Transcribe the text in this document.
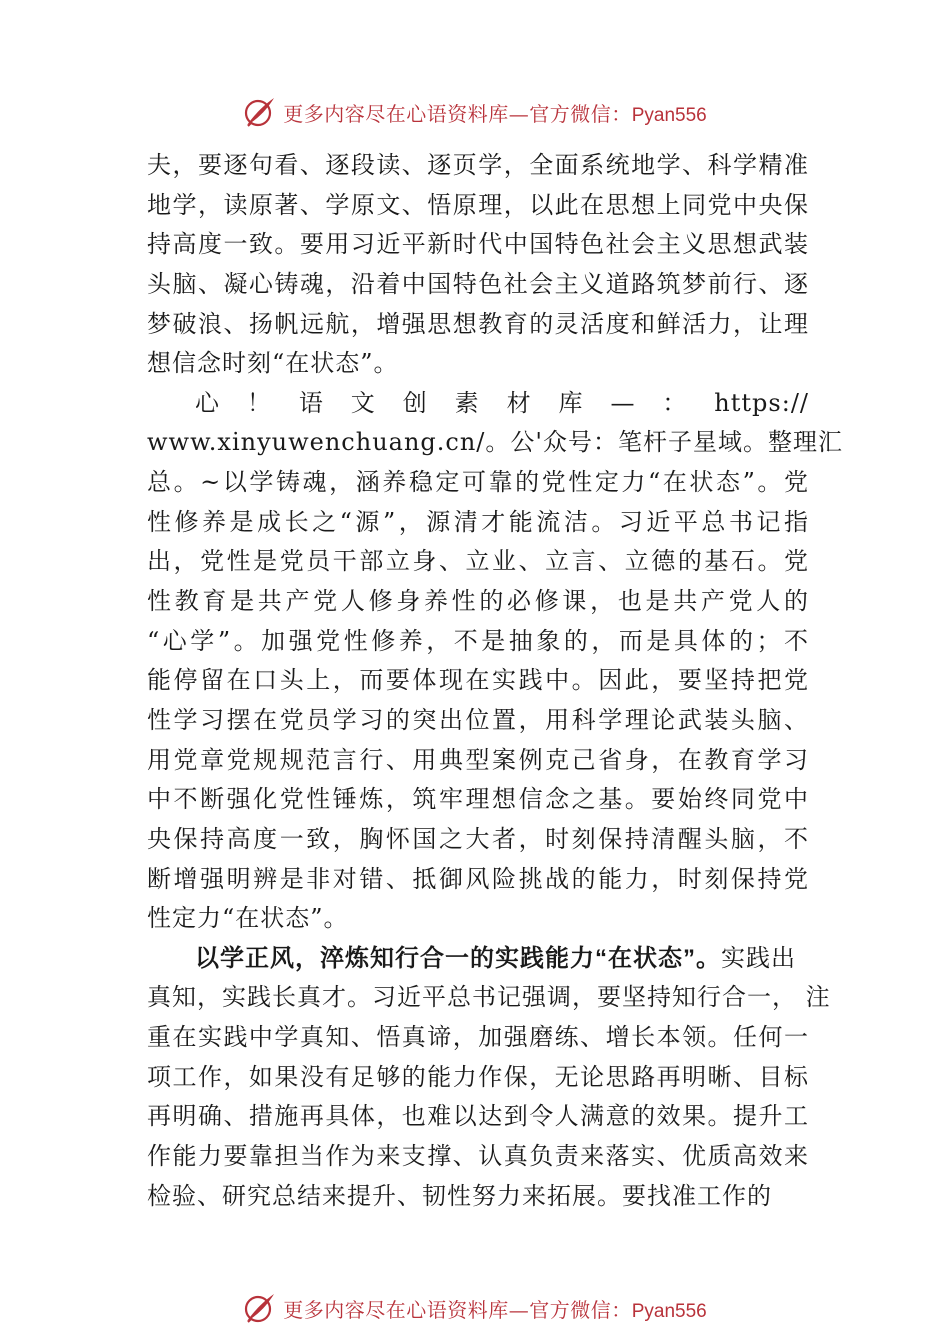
更多内容尽在心语资料库—官方微信：Pyan556
夫，要逐句看、逐段读、逐页学，全面系统地学、科学精准
地学，读原著、学原文、悟原理，以此在思想上同党中央保
持高度一致。要用习近平新时代中国特色社会主义思想武装
头脑、凝心铸魂，沿着中国特色社会主义道路筑梦前行、逐
梦破浪、扬帆远航，增强思想教育的灵活度和鲜活力，让理
想信念时刻“在状态”。
心！语文创素材库—：https://
www.xinyuwenchuang.cn/。公'众号：笔杆子星域。整理汇
总。~以学铸魂，涵养稳定可靠的党性定力“在状态”。党
性修养是成长之“源”，源清才能流洁。习近平总书记指
出，党性是党员干部立身、立业、立言、立德的基石。党
性教育是共产党人修身养性的必修课，也是共产党人的
“心学”。加强党性修养，不是抽象的，而是具体的；不
能停留在口头上，而要体现在实践中。因此，要坚持把党
性学习摆在党员学习的突出位置，用科学理论武装头脑、
用党章党规规范言行、用典型案例克己省身，在教育学习
中不断强化党性锤炼，筑牢理想信念之基。要始终同党中
央保持高度一致，胸怀国之大者，时刻保持清醒头脑，不
断增强明辨是非对错、抵御风险挑战的能力，时刻保持党
性定力“在状态”。
以学正风，淬炼知行合一的实践能力“在状态”。实践出
真知，实践长真才。习近平总书记强调，要坚持知行合一， 注
重在实践中学真知、悟真谛，加强磨练、增长本领。任何一
项工作，如果没有足够的能力作保，无论思路再明晰、目标
再明确、措施再具体，也难以达到令人满意的效果。提升工
作能力要靠担当作为来支撑、认真负责来落实、优质高效来
检验、研究总结来提升、韧性努力来拓展。要找准工作的
更多内容尽在心语资料库—官方微信：Pyan556
